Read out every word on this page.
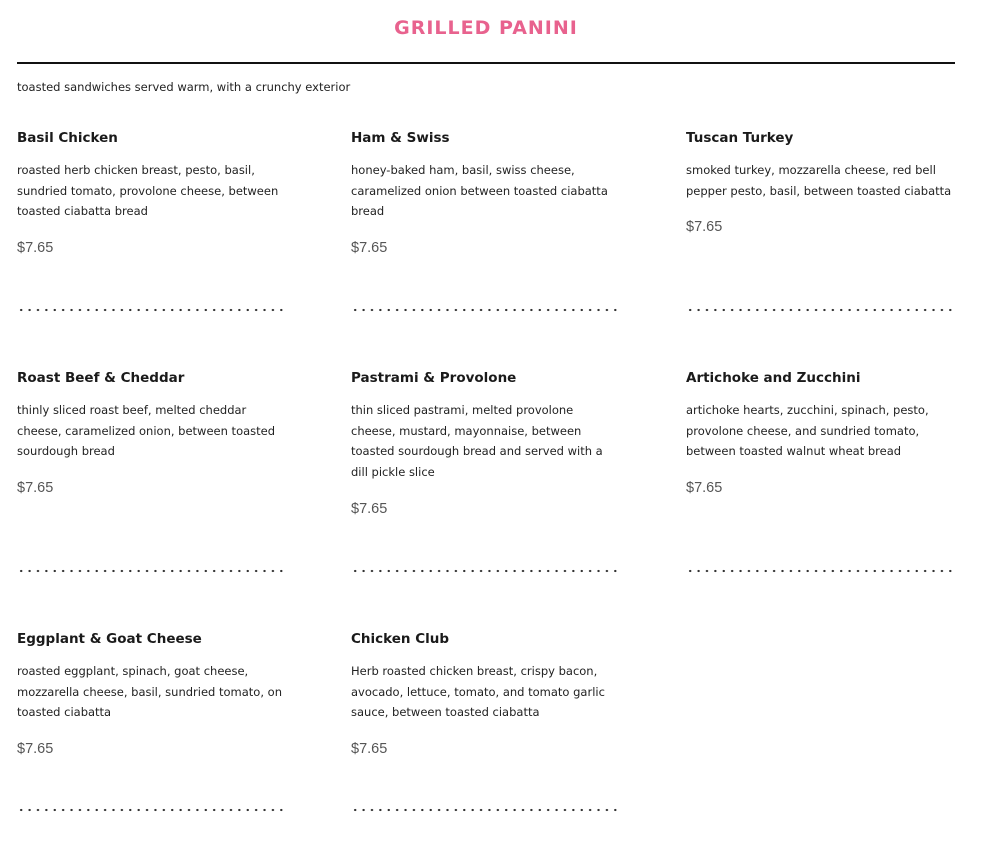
GRILLED PANINI

toasted sandwiches served warm, with a crunchy exterior

Basil Chicken

roasted herb chicken breast, pesto, basil, sundried tomato, provolone cheese, between toasted ciabatta bread

$7.65

Ham & Swiss

honey-baked ham, basil, swiss cheese, caramelized onion between toasted ciabatta bread

$7.65

Tuscan Turkey

smoked turkey, mozzarella cheese, red bell pepper pesto, basil, between toasted ciabatta

$7.65

Roast Beef & Cheddar

thinly sliced roast beef, melted cheddar cheese, caramelized onion, between toasted sourdough bread

$7.65

Pastrami & Provolone

thin sliced pastrami, melted provolone cheese, mustard, mayonnaise, between toasted sourdough bread and served with a dill pickle slice

$7.65

Artichoke and Zucchini

artichoke hearts, zucchini, spinach, pesto, provolone cheese, and sundried tomato, between toasted walnut wheat bread

$7.65

Eggplant & Goat Cheese

roasted eggplant, spinach, goat cheese, mozzarella cheese, basil, sundried tomato, on toasted ciabatta

$7.65

Chicken Club

Herb roasted chicken breast, crispy bacon, avocado, lettuce, tomato, and tomato garlic sauce, between toasted ciabatta

$7.65
